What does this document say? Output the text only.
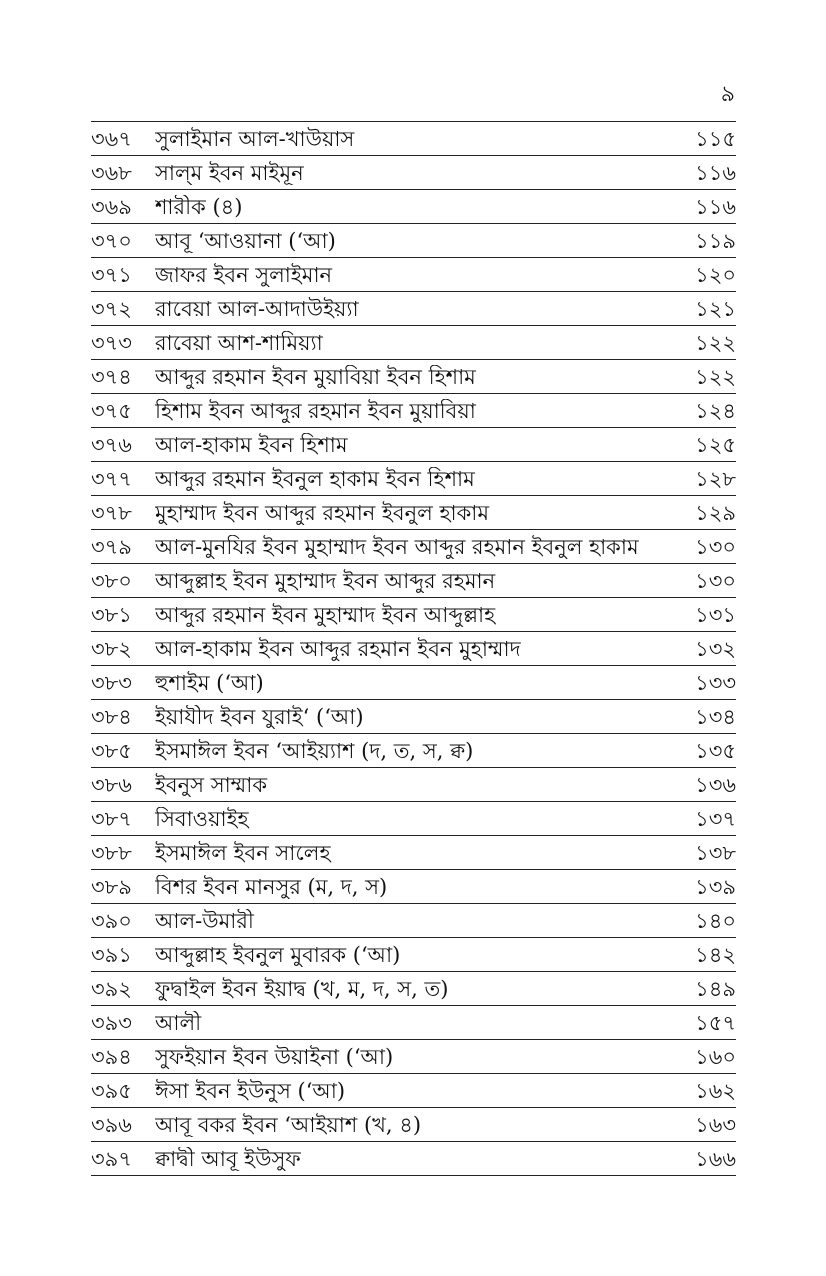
৯
৩৬৭	সুলাইমান আল-খাউয়াস	১১৫
৩৬৮	সাল্‌ম ইবন মাইমূন	১১৬
৩৬৯	শারীক (৪)	১১৬
৩৭০	আবূ ‘আওয়ানা (‘আ)	১১৯
৩৭১	জাফর ইবন সুলাইমান	১২০
৩৭২	রাবেয়া আল-আদাউইয়্যা	১২১
৩৭৩	রাবেয়া আশ-শামিয়্যা	১২২
৩৭৪	আব্দুর রহমান ইবন মুয়াবিয়া ইবন হিশাম	১২২
৩৭৫	হিশাম ইবন আব্দুর রহমান ইবন মুয়াবিয়া	১২৪
৩৭৬	আল-হাকাম ইবন হিশাম	১২৫
৩৭৭	আব্দুর রহমান ইবনুল হাকাম ইবন হিশাম	১২৮
৩৭৮	মুহাম্মাদ ইবন আব্দুর রহমান ইবনুল হাকাম	১২৯
৩৭৯	আল-মুনযির ইবন মুহাম্মাদ ইবন আব্দুর রহমান ইবনুল হাকাম	১৩০
৩৮০	আব্দুল্লাহ ইবন মুহাম্মাদ ইবন আব্দুর রহমান	১৩০
৩৮১	আব্দুর রহমান ইবন মুহাম্মাদ ইবন আব্দুল্লাহ	১৩১
৩৮২	আল-হাকাম ইবন আব্দুর রহমান ইবন মুহাম্মাদ	১৩২
৩৮৩	হুশাইম (‘আ)	১৩৩
৩৮৪	ইয়াযীদ ইবন যুরাই‘ (‘আ)	১৩৪
৩৮৫	ইসমাঈল ইবন ‘আইয়্যাশ (দ, ত, স, ক্ব)	১৩৫
৩৮৬	ইবনুস সাম্মাক	১৩৬
৩৮৭	সিবাওয়াইহ	১৩৭
৩৮৮	ইসমাঈল ইবন সালেহ	১৩৮
৩৮৯	বিশর ইবন মানসুর (ম, দ, স)	১৩৯
৩৯০	আল-উমারী	১৪০
৩৯১	আব্দুল্লাহ ইবনুল মুবারক (‘আ)	১৪২
৩৯২	ফুদ্বাইল ইবন ইয়াদ্ব (খ, ম, দ, স, ত)	১৪৯
৩৯৩	আলী	১৫৭
৩৯৪	সুফইয়ান ইবন উয়াইনা (‘আ)	১৬০
৩৯৫	ঈসা ইবন ইউনুস (‘আ)	১৬২
৩৯৬	আবূ বকর ইবন ‘আইয়াশ (খ, ৪)	১৬৩
৩৯৭	ক্বাদ্বী আবূ ইউসুফ	১৬৬
